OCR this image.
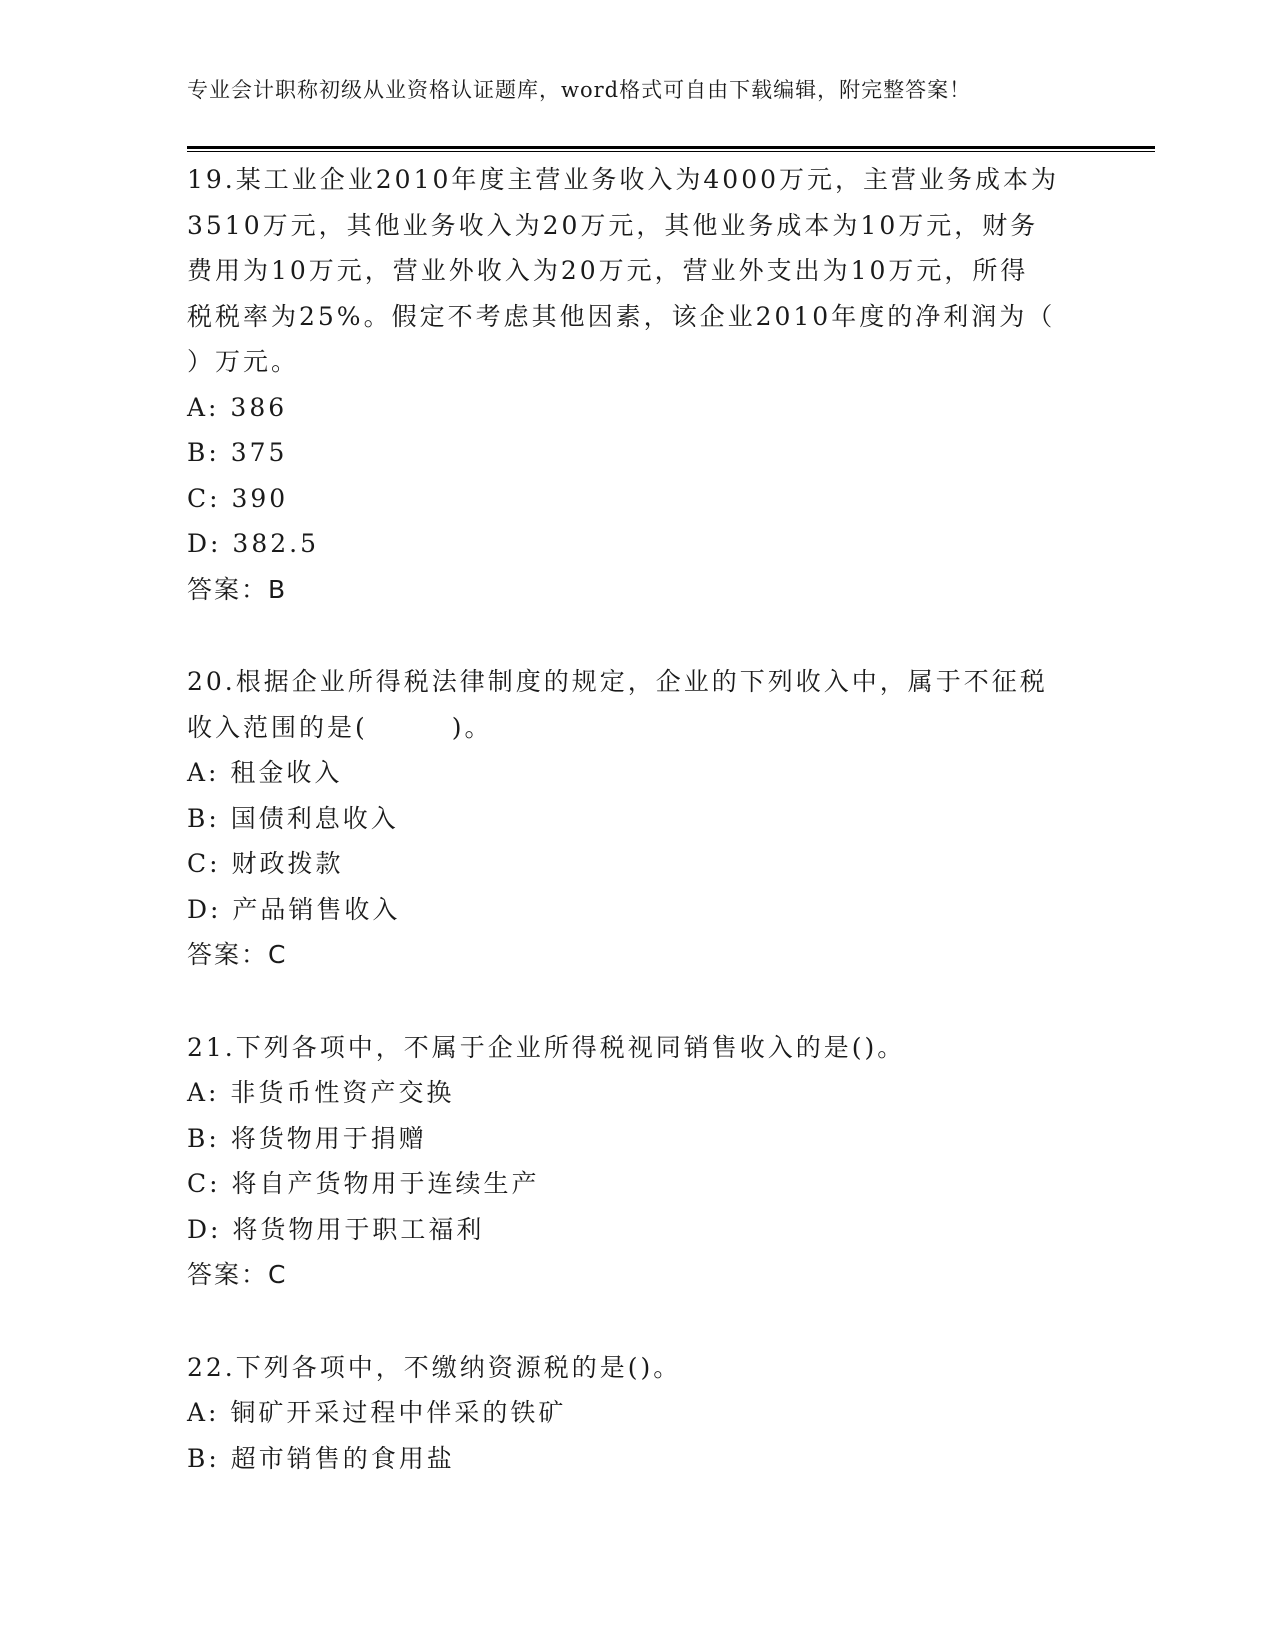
专业会计职称初级从业资格认证题库，word格式可自由下载编辑，附完整答案！
19.某工业企业2010年度主营业务收入为4000万元，主营业务成本为
3510万元，其他业务收入为20万元，其他业务成本为10万元，财务
费用为10万元，营业外收入为20万元，营业外支出为10万元，所得
税税率为25%。假定不考虑其他因素，该企业2010年度的净利润为（
）万元。
A: 386
B: 375
C: 390
D: 382.5
答案：B
20.根据企业所得税法律制度的规定，企业的下列收入中，属于不征税
收入范围的是(　　　)。
A: 租金收入
B: 国债利息收入
C: 财政拨款
D: 产品销售收入
答案：C
21.下列各项中，不属于企业所得税视同销售收入的是()。
A: 非货币性资产交换
B: 将货物用于捐赠
C: 将自产货物用于连续生产
D: 将货物用于职工福利
答案：C
22.下列各项中，不缴纳资源税的是()。
A: 铜矿开采过程中伴采的铁矿
B: 超市销售的食用盐
